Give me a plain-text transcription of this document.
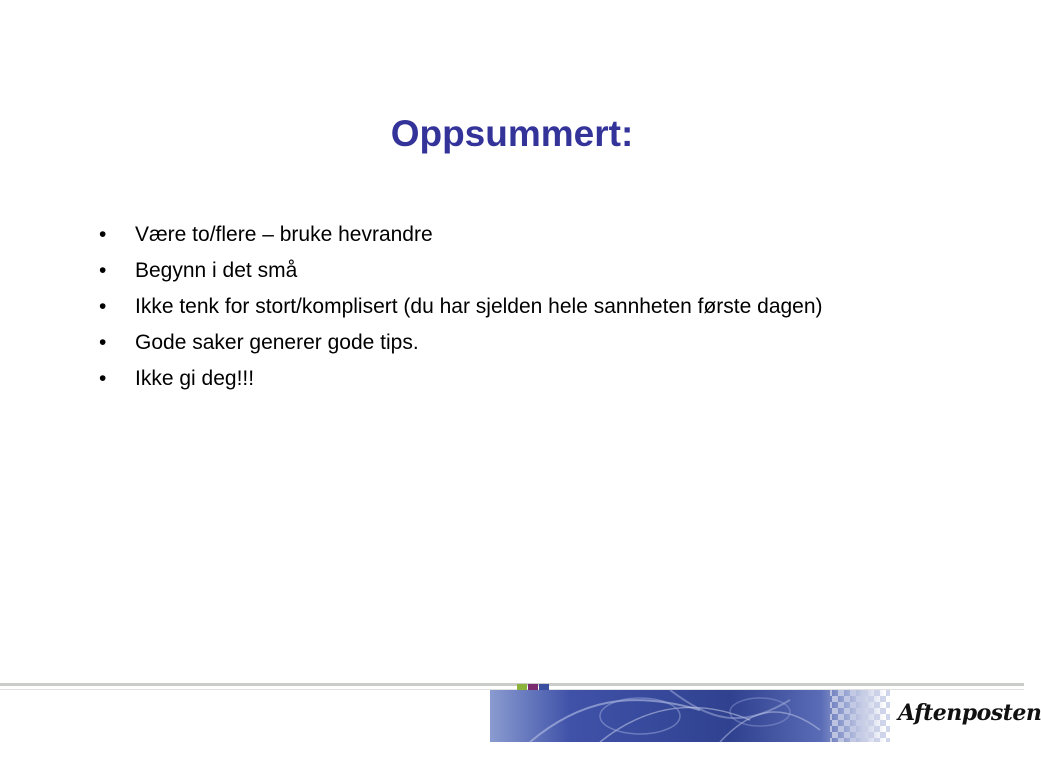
Oppsummert:
• Være to/flere – bruke hevrandre
• Begynn i det små
• Ikke tenk for stort/komplisert (du har sjelden hele sannheten første dagen)
• Gode saker generer gode tips.
• Ikke gi deg!!!
Aftenposten
